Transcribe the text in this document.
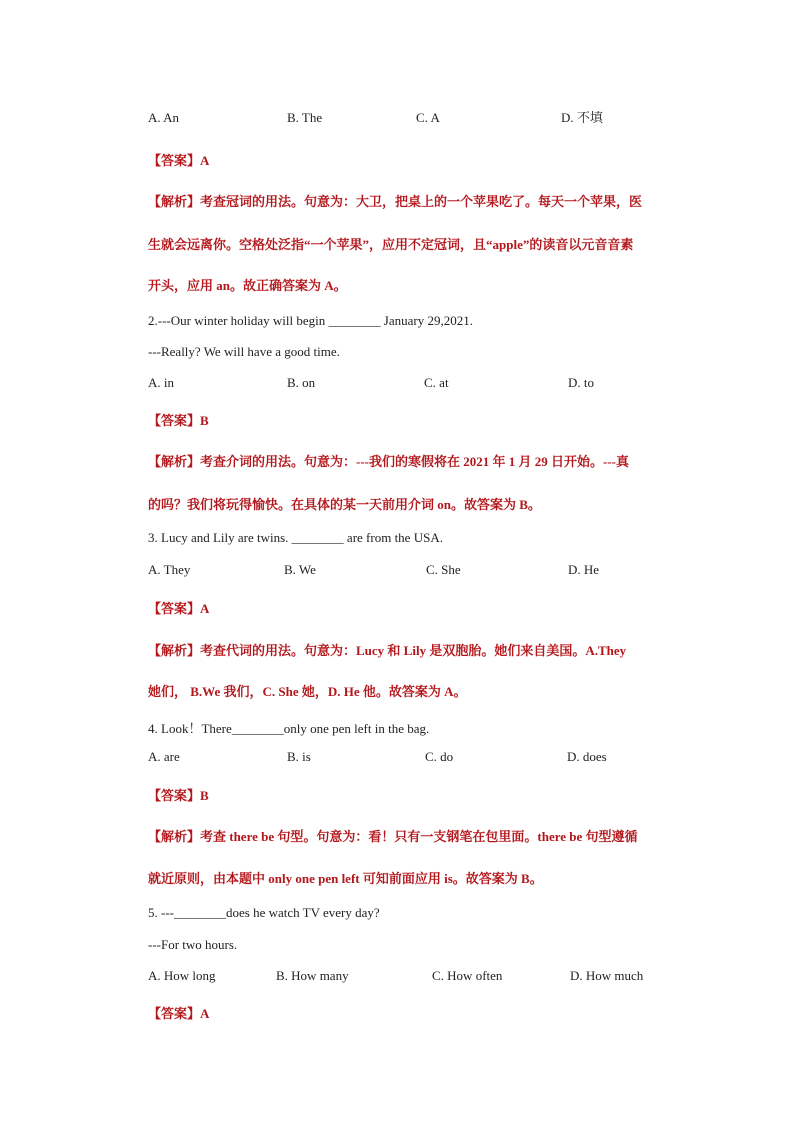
A. An	B. The	C. A	D. 不填
【答案】A
【解析】考查冠词的用法。句意为：大卫，把桌上的一个苹果吃了。每天一个苹果，医
生就会远离你。空格处泛指“一个苹果”，应用不定冠词，且“apple”的读音以元音音素
开头，应用 an。故正确答案为 A。
2.---Our winter holiday will begin ________ January 29,2021.
---Really? We will have a good time.
A. in	B. on	C. at	D. to
【答案】B
【解析】考查介词的用法。句意为：---我们的寒假将在 2021 年 1 月 29 日开始。---真
的吗？我们将玩得愉快。在具体的某一天前用介词 on。故答案为 B。
3. Lucy and Lily are twins. ________ are from the USA.
A. They	B. We	C. She	D. He
【答案】A
【解析】考查代词的用法。句意为：Lucy 和 Lily 是双胞胎。她们来自美国。A.They
她们， B.We 我们，C. She 她，D. He 他。故答案为 A。
4. Look！There________only one pen left in the bag.
A. are	B. is	C. do	D. does
【答案】B
【解析】考查 there be 句型。句意为：看！只有一支钢笔在包里面。there be 句型遵循
就近原则，由本题中 only one pen left 可知前面应用 is。故答案为 B。
5. ---________does he watch TV every day?
---For two hours.
A. How long	B. How many	C. How often	D. How much
【答案】A
